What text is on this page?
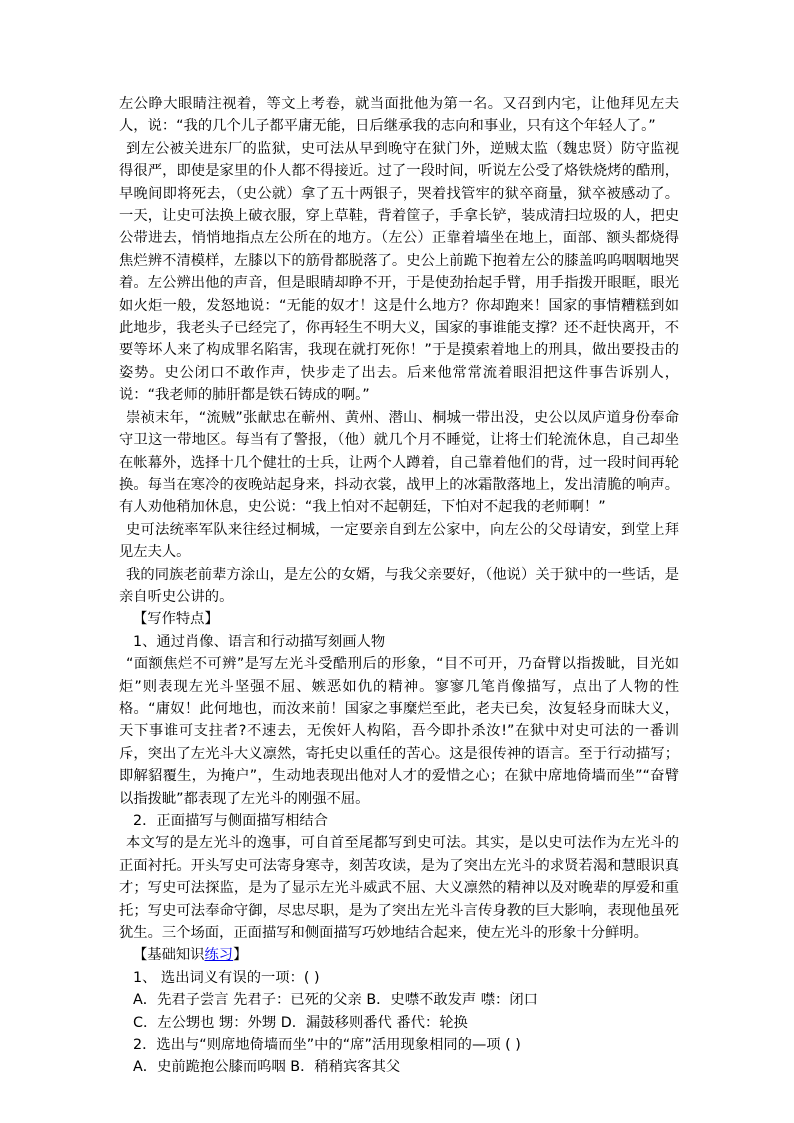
左公睁大眼睛注视着，等文上考卷，就当面批他为第一名。又召到内宅，让他拜见左夫人，说：“我的几个儿子都平庸无能，日后继承我的志向和事业，只有这个年轻人了。”

到左公被关进东厂的监狱，史可法从早到晚守在狱门外，逆贼太监（魏忠贤）防守监视得很严，即使是家里的仆人都不得接近。过了一段时间，听说左公受了烙铁烧烤的酷刑，早晚间即将死去，（史公就）拿了五十两银子，哭着找管牢的狱卒商量，狱卒被感动了。一天，让史可法换上破衣服，穿上草鞋，背着筐子，手拿长铲，装成清扫垃圾的人，把史公带进去，悄悄地指点左公所在的地方。（左公）正靠着墙坐在地上，面部、额头都烧得焦烂辨不清模样，左膝以下的筋骨都脱落了。史公上前跪下抱着左公的膝盖呜呜咽咽地哭着。左公辨出他的声音，但是眼睛却睁不开，于是使劲抬起手臂，用手指拨开眼眶，眼光如火炬一般，发怒地说：“无能的奴才！这是什么地方？你却跑来！国家的事情糟糕到如此地步，我老头子已经完了，你再轻生不明大义，国家的事谁能支撑？还不赶快离开，不要等坏人来了构成罪名陷害，我现在就打死你！”于是摸索着地上的刑具，做出要投击的姿势。史公闭口不敢作声，快步走了出去。后来他常常流着眼泪把这件事告诉别人，说：“我老师的肺肝都是铁石铸成的啊。”

崇祯末年，“流贼”张献忠在蕲州、黄州、潜山、桐城一带出没，史公以凤庐道身份奉命守卫这一带地区。每当有了警报，（他）就几个月不睡觉，让将士们轮流休息，自己却坐在帐幕外，选择十几个健壮的士兵，让两个人蹲着，自己靠着他们的背，过一段时间再轮换。每当在寒冷的夜晚站起身来，抖动衣裳，战甲上的冰霜散落地上，发出清脆的响声。有人劝他稍加休息，史公说：“我上怕对不起朝廷，下怕对不起我的老师啊！”

史可法统率军队来往经过桐城，一定要亲自到左公家中，向左公的父母请安，到堂上拜见左夫人。

我的同族老前辈方涂山，是左公的女婿，与我父亲要好，（他说）关于狱中的一些话，是亲自听史公讲的。

【写作特点】

1、通过肖像、语言和行动描写刻画人物

“面额焦烂不可辨”是写左光斗受酷刑后的形象，“目不可开，乃奋臂以指拨眦，目光如炬”则表现左光斗坚强不屈、嫉恶如仇的精神。寥寥几笔肖像描写，点出了人物的性格。“庸奴！此何地也，而汝来前！国家之事糜烂至此，老夫已矣，汝复轻身而昧大义，天下事谁可支拄者?不速去，无俟奸人构陷，吾今即扑杀汝!”在狱中对史可法的一番训斥，突出了左光斗大义凛然，寄托史以重任的苦心。这是很传神的语言。至于行动描写；即解貂覆生，为掩户”，生动地表现出他对人才的爱惜之心；在狱中席地倚墙而坐”“奋臂以指拨眦”都表现了左光斗的刚强不屈。

2．正面描写与侧面描写相结合

本文写的是左光斗的逸事，可自首至尾都写到史可法。其实，是以史可法作为左光斗的正面衬托。开头写史可法寄身寒寺，刻苦攻读，是为了突出左光斗的求贤若渴和慧眼识真才；写史可法探监，是为了显示左光斗威武不屈、大义凛然的精神以及对晚辈的厚爱和重托；写史可法奉命守御，尽忠尽职，是为了突出左光斗言传身教的巨大影响，表现他虽死犹生。三个场面，正面描写和侧面描写巧妙地结合起来，使左光斗的形象十分鲜明。

【基础知识练习】

1、 选出词义有误的一项：( )

A．先君子尝言 先君子：已死的父亲 B．史噤不敢发声 噤：闭口

C．左公甥也 甥：外甥 D．漏鼓移则番代 番代：轮换

2．选出与“则席地倚墙而坐”中的“席”活用现象相同的—项 ( )

A．史前跪抱公膝而呜咽 B．稍稍宾客其父
